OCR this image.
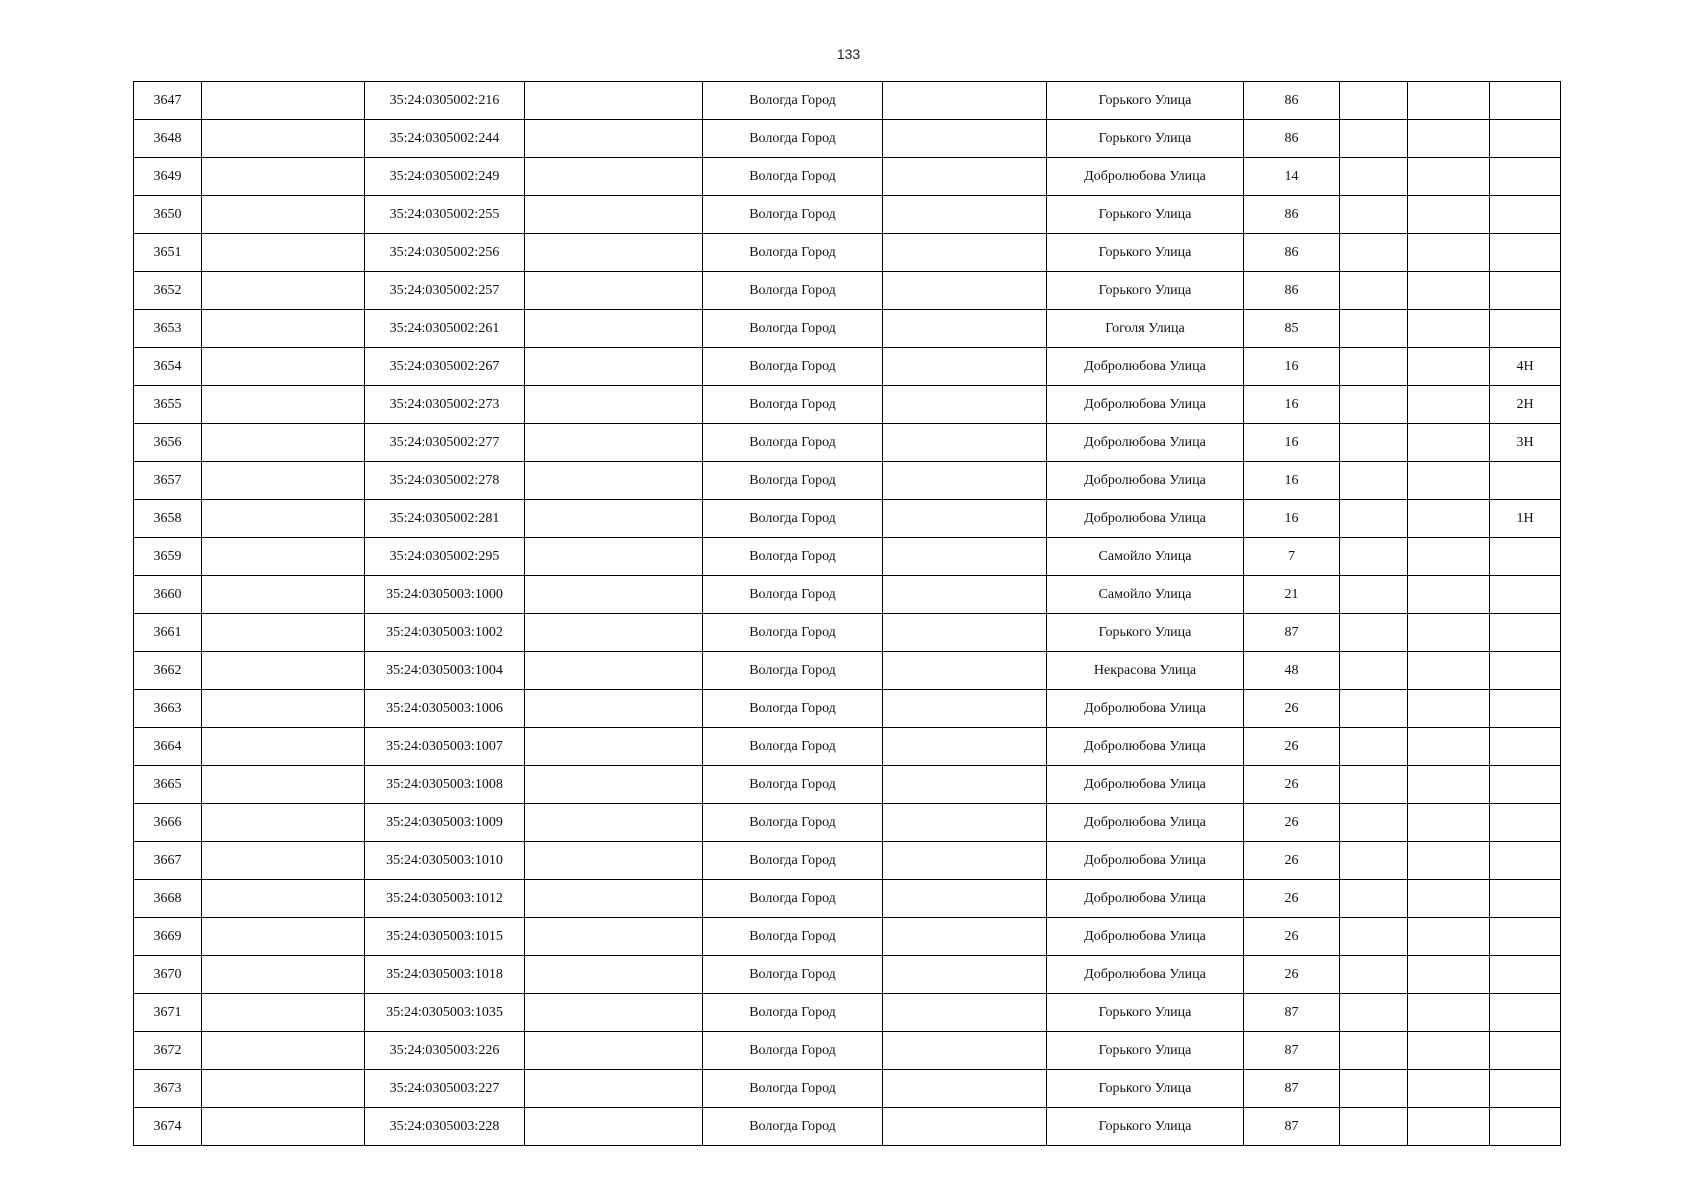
133
3647		35:24:0305002:216		Вологда Город		Горького Улица	86			
3648		35:24:0305002:244		Вологда Город		Горького Улица	86			
3649		35:24:0305002:249		Вологда Город		Добролюбова Улица	14			
3650		35:24:0305002:255		Вологда Город		Горького Улица	86			
3651		35:24:0305002:256		Вологда Город		Горького Улица	86			
3652		35:24:0305002:257		Вологда Город		Горького Улица	86			
3653		35:24:0305002:261		Вологда Город		Гоголя Улица	85			
3654		35:24:0305002:267		Вологда Город		Добролюбова Улица	16			4Н
3655		35:24:0305002:273		Вологда Город		Добролюбова Улица	16			2Н
3656		35:24:0305002:277		Вологда Город		Добролюбова Улица	16			3Н
3657		35:24:0305002:278		Вологда Город		Добролюбова Улица	16			
3658		35:24:0305002:281		Вологда Город		Добролюбова Улица	16			1Н
3659		35:24:0305002:295		Вологда Город		Самойло Улица	7			
3660		35:24:0305003:1000		Вологда Город		Самойло Улица	21			
3661		35:24:0305003:1002		Вологда Город		Горького Улица	87			
3662		35:24:0305003:1004		Вологда Город		Некрасова Улица	48			
3663		35:24:0305003:1006		Вологда Город		Добролюбова Улица	26			
3664		35:24:0305003:1007		Вологда Город		Добролюбова Улица	26			
3665		35:24:0305003:1008		Вологда Город		Добролюбова Улица	26			
3666		35:24:0305003:1009		Вологда Город		Добролюбова Улица	26			
3667		35:24:0305003:1010		Вологда Город		Добролюбова Улица	26			
3668		35:24:0305003:1012		Вологда Город		Добролюбова Улица	26			
3669		35:24:0305003:1015		Вологда Город		Добролюбова Улица	26			
3670		35:24:0305003:1018		Вологда Город		Добролюбова Улица	26			
3671		35:24:0305003:1035		Вологда Город		Горького Улица	87			
3672		35:24:0305003:226		Вологда Город		Горького Улица	87			
3673		35:24:0305003:227		Вологда Город		Горького Улица	87			
3674		35:24:0305003:228		Вологда Город		Горького Улица	87			
